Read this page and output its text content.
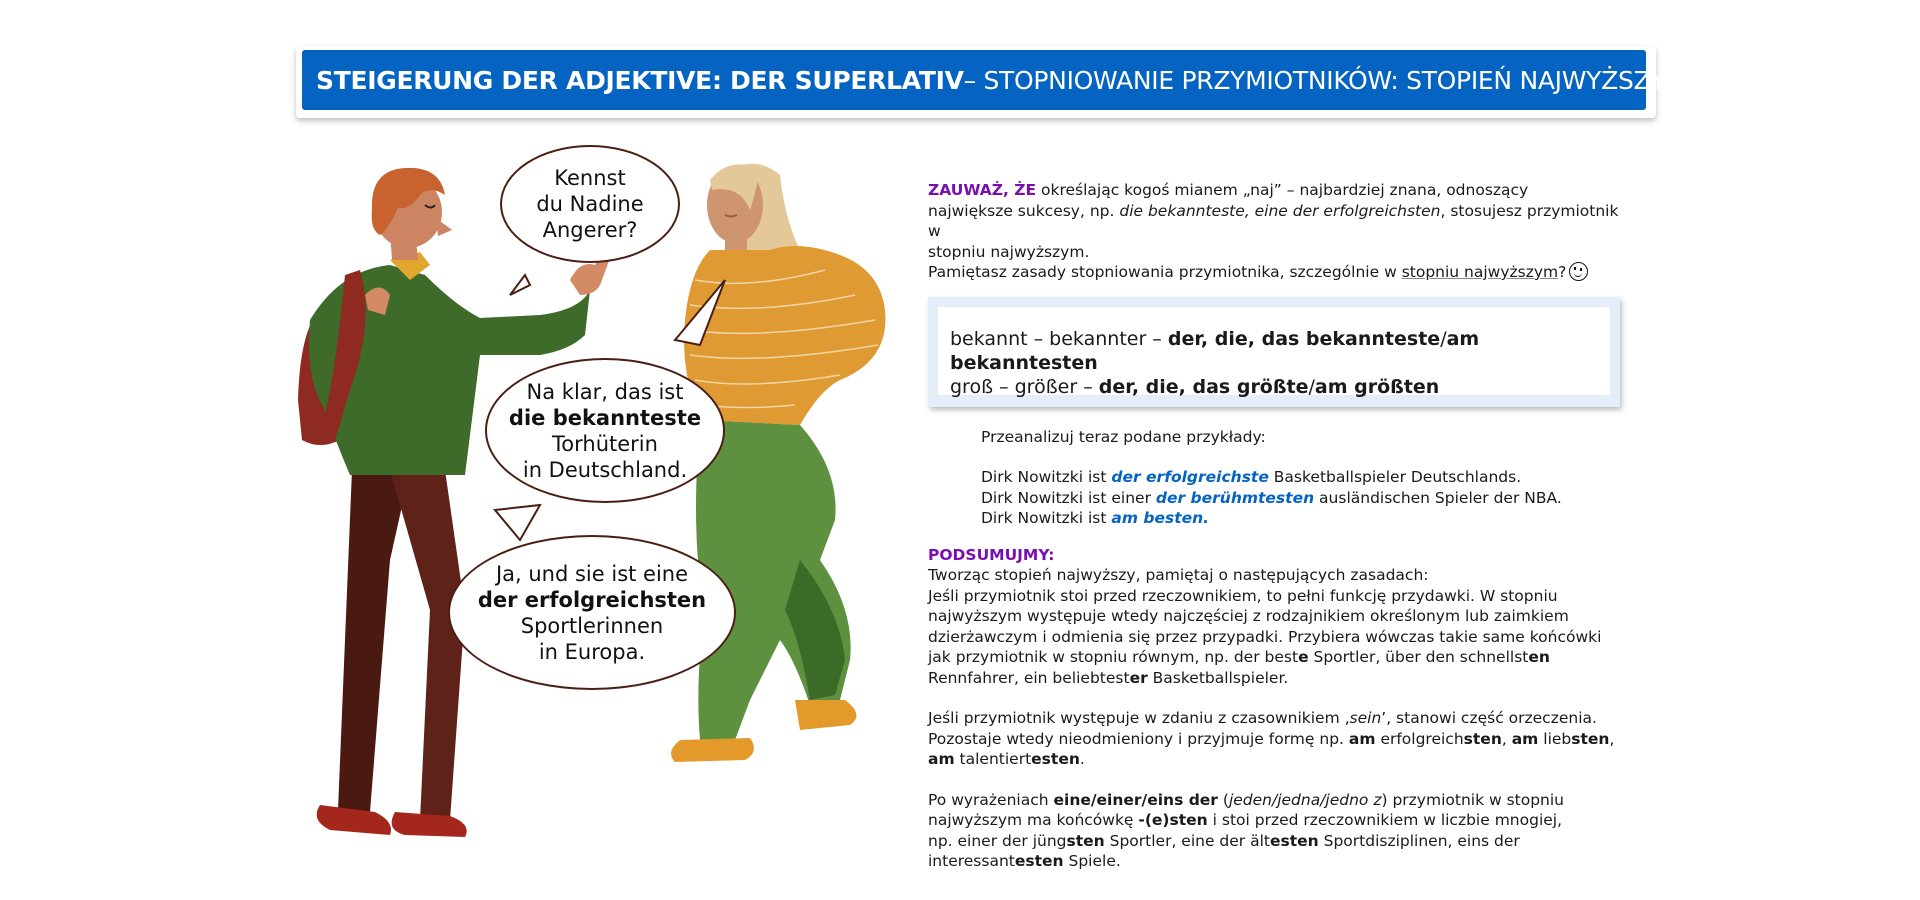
STEIGERUNG DER ADJEKTIVE: DER SUPERLATIV – STOPNIOWANIE PRZYMIOTNIKÓW: STOPIEŃ NAJWYŻSZY
Kennst
du Nadine
Angerer?
Na klar, das ist
die bekannteste
Torhüterin
in Deutschland.
Ja, und sie ist eine
der erfolgreichsten
Sportlerinnen
in Europa.
ZAUWAŻ, ŻE określając kogoś mianem „naj” – najbardziej znana, odnoszący
największe sukcesy, np. die bekannteste, eine der erfolgreichsten, stosujesz przymiotnik w
stopniu najwyższym.
Pamiętasz zasady stopniowania przymiotnika, szczególnie w stopniu najwyższym?
bekannt – bekannter – der, die, das bekannteste/am bekanntesten
groß – größer – der, die, das größte/am größten
Przeanalizuj teraz podane przykłady:
Dirk Nowitzki ist der erfolgreichste Basketballspieler Deutschlands.
Dirk Nowitzki ist einer der berühmtesten ausländischen Spieler der NBA.
Dirk Nowitzki ist am besten.
PODSUMUJMY:
Tworząc stopień najwyższy, pamiętaj o następujących zasadach:
Jeśli przymiotnik stoi przed rzeczownikiem, to pełni funkcję przydawki. W stopniu
najwyższym występuje wtedy najczęściej z rodzajnikiem określonym lub zaimkiem
dzierżawczym i odmienia się przez przypadki. Przybiera wówczas takie same końcówki
jak przymiotnik w stopniu równym, np. der beste Sportler, über den schnellsten
Rennfahrer, ein beliebtester Basketballspieler.
Jeśli przymiotnik występuje w zdaniu z czasownikiem ‚sein’, stanowi część orzeczenia.
Pozostaje wtedy nieodmieniony i przyjmuje formę np. am erfolgreichsten, am liebsten,
am talentiertesten.
Po wyrażeniach eine/einer/eins der (jeden/jedna/jedno z) przymiotnik w stopniu
najwyższym ma końcówkę -(e)sten i stoi przed rzeczownikiem w liczbie mnogiej,
np. einer der jüngsten Sportler, eine der ältesten Sportdisziplinen, eins der
interessantesten Spiele.
